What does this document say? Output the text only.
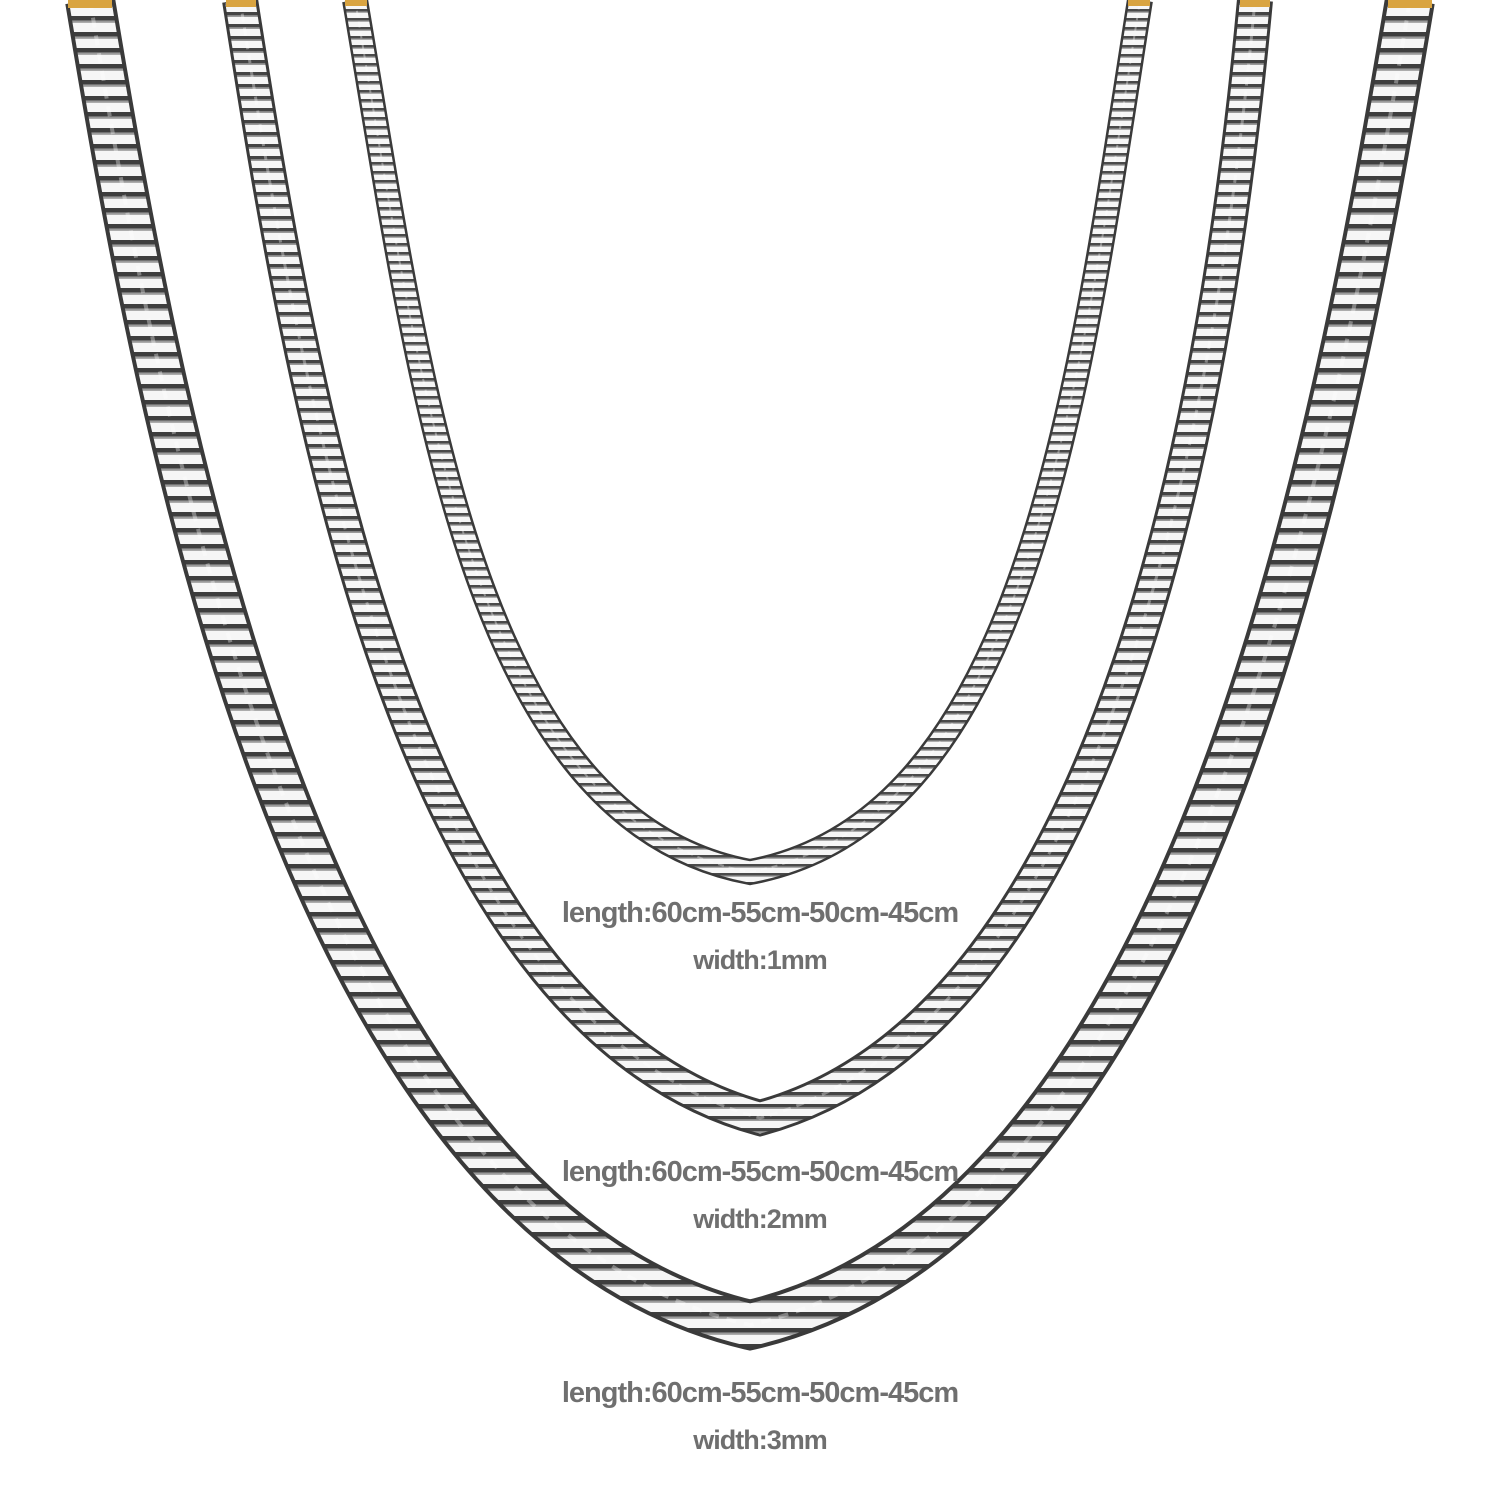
length:60cm-55cm-50cm-45cm
width:1mm
length:60cm-55cm-50cm-45cm
width:2mm
length:60cm-55cm-50cm-45cm
width:3mm
